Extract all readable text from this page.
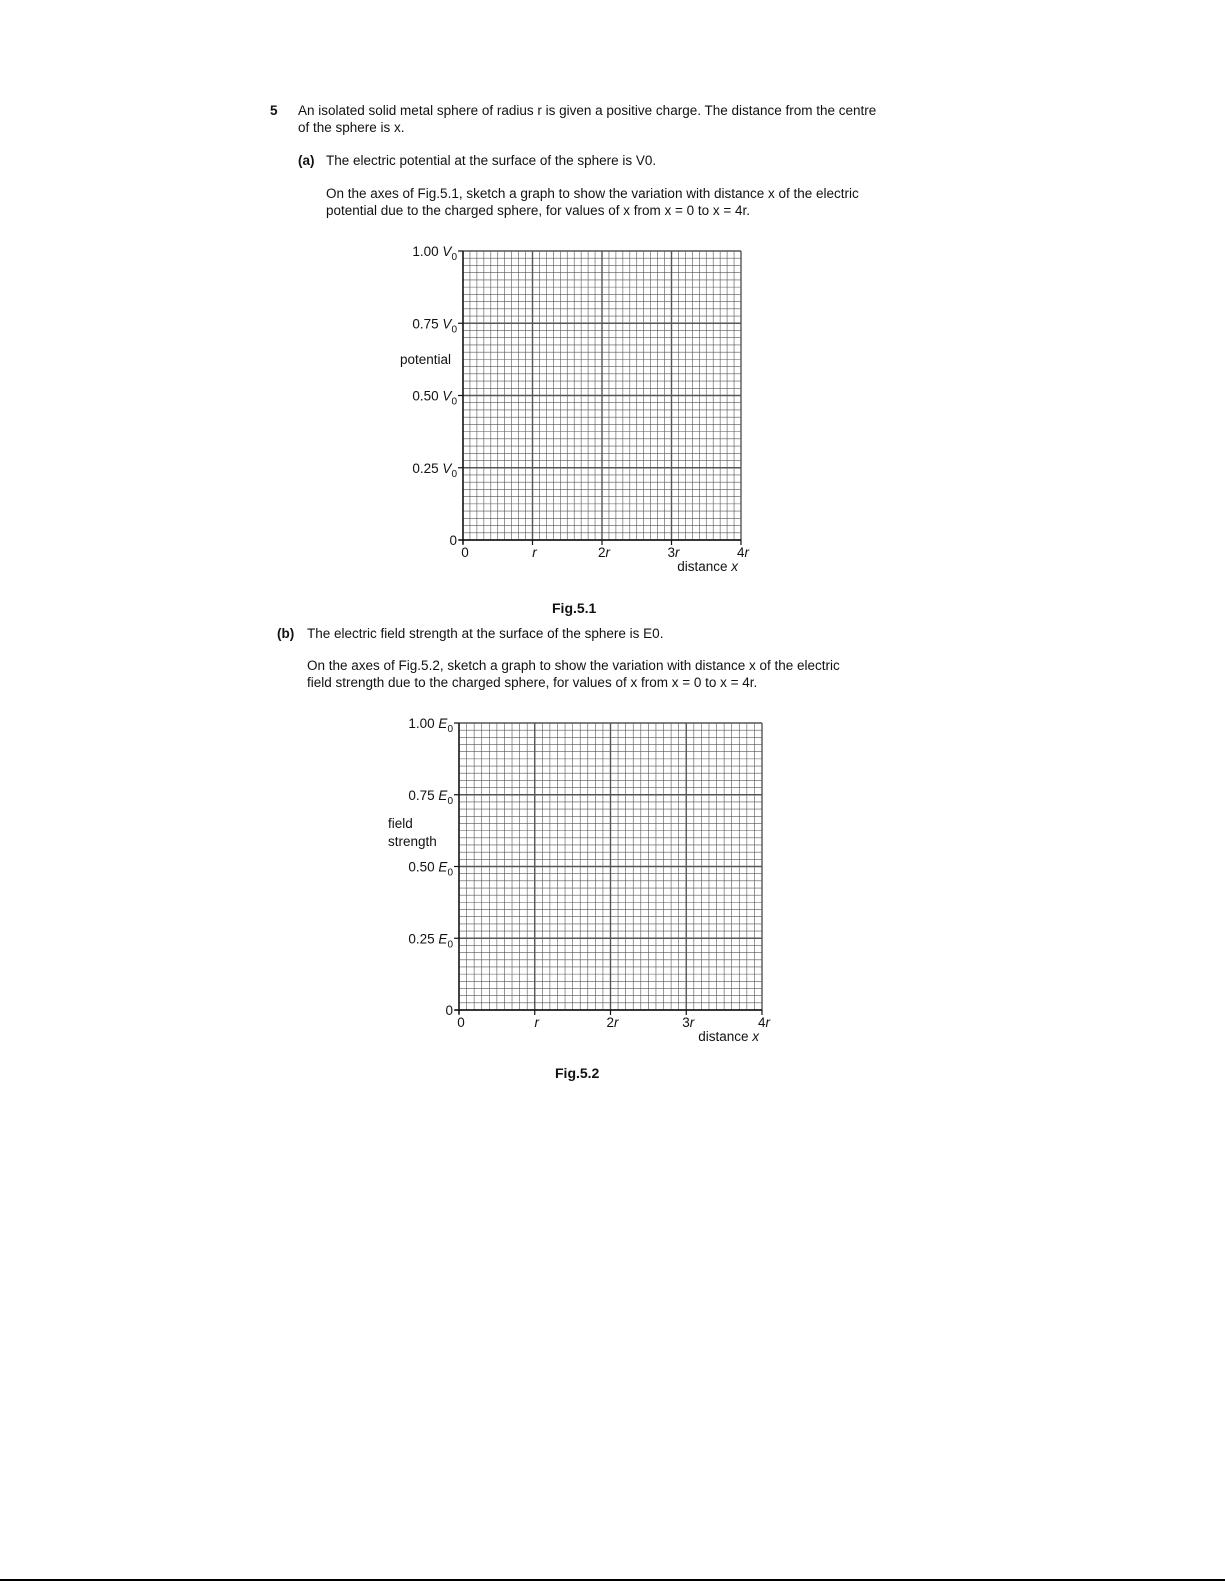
5 An isolated solid metal sphere of radius r is given a positive charge. The distance from the centre
of the sphere is x.
(a) The electric potential at the surface of the sphere is V0.
On the axes of Fig.5.1, sketch a graph to show the variation with distance x of the electric
potential due to the charged sphere, for values of x from x = 0 to x = 4r.
0
0.25 $V_0$
0.50 $V_0$
0.75 $V_0$
1.00 $V_0$
0	r	2r	3r	4r
distance x
potential
Fig.5.1
(b) The electric field strength at the surface of the sphere is E0.
On the axes of Fig.5.2, sketch a graph to show the variation with distance x of the electric
field strength due to the charged sphere, for values of x from x = 0 to x = 4r.
0
0.25 $E_0$
0.50 $E_0$
0.75 $E_0$
1.00 $E_0$
0	r	2r	3r	4r
distance x
field
strength
Fig.5.2
